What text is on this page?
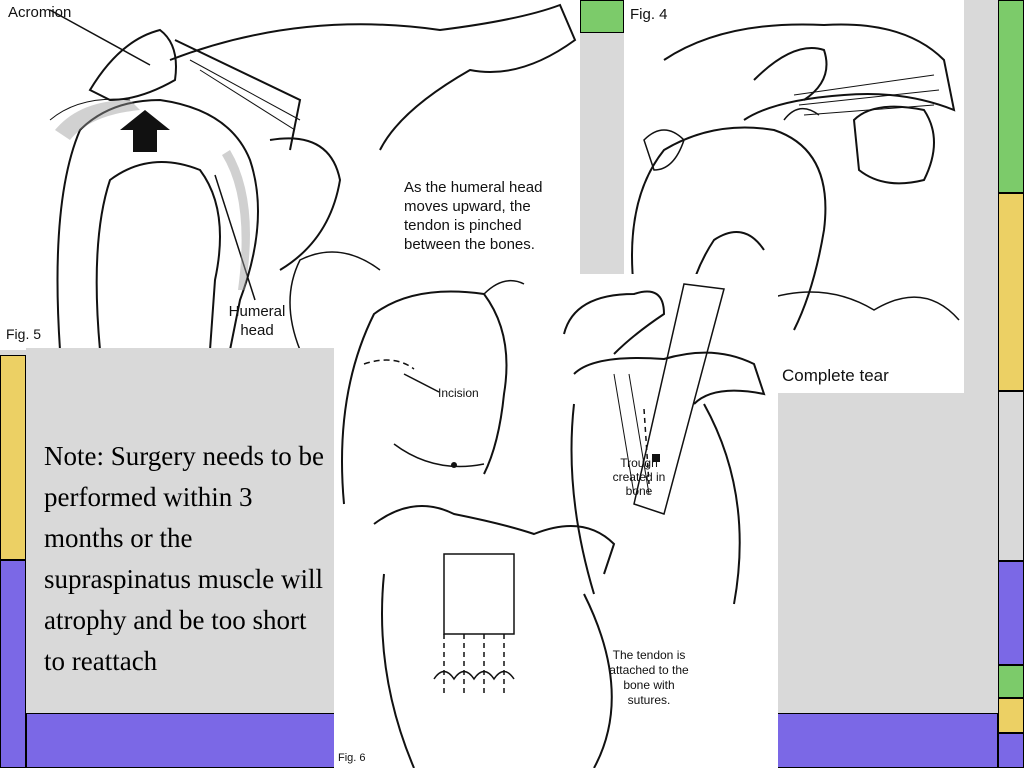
Acromion
As the humeral head
moves upward, the
tendon is pinched
between the bones.
Humeral
head
Fig. 5
Fig. 4
Complete tear
Note: Surgery needs to be performed within 3 months or the supraspinatus muscle will atrophy and be too short to reattach
Incision
Trough
created in
bone
The tendon is
attached to the
bone with
sutures.
Fig. 6
